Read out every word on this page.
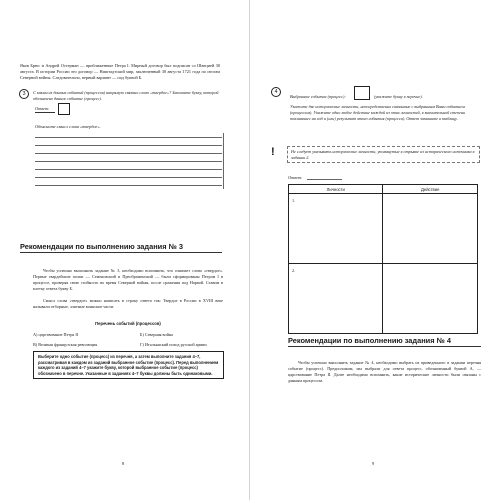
Яков Брюс и Андрей Остерман — приближенные Петра I. Мирный договор был подписан со Швецией 30 августа. В истории России это договор — Ништадтский мир, заключенный 30 августа 1721 года по итогам Северной войны. Следовательно, верный вариант — под буквой Б.

3	С каким из данных событий (процессов) напрямую связано слово «твердое»? Запишите букву, которой обозначено данное событие (процесс).

Ответ:
Объясните смысл слова «твердое».
Рекомендации по выполнению задания № 3

Чтобы успешно выполнить задание № 3, необходимо вспомнить, что означает слово «твердое». Первые гвардейские полки — Семеновский и Преображенский — были сформированы Петром I в процессе, проверяя свою стойкость во время Северной войны, после сражения под Нарвой. Ставим в клетку ответа букву Б.

Смысл слова «твердое» можно написать в строку ответа так: Твердое в России в XVIII веке называли отборные, элитные воинские части.

Перечень событий (процессов)
А) царствование Петра II	Б) Северная война
В) Великая французская революция	Г) Итальянский поход русской армии
Выберите одно событие (процесс) из перечня, а затем выполните задания 4–7, рассматривая в каждом из заданий выбранное событие (процесс). Перед выполнением каждого из заданий 4–7 укажите букву, которой выбранное событие (процесс) обозначено в перечне. Указанные в заданиях 4–7 буквы должны быть одинаковыми.
8
4
Выбранное событие (процесс):	(укажите букву в перечне).

Укажите две исторические личности, непосредственно связанные с выбранным Вами событием (процессом). Укажите одно любое действие каждой из этих личностей, в значительной степени повлиявшее на ход и (или) результат этого события (процесса). Ответ запишите в таблицу.

!	Не следует указывать исторические личности, упомянутые в отрывке из исторического источника в задании 2.
Ответ:
Личности	Действие
1.	
2.	
Рекомендации по выполнению задания № 4

Чтобы успешно выполнить задание № 4, необходимо выбрать из приведенного в задании перечня событие (процесс). Предположим, мы выбрали для ответа процесс, обозначенный буквой А, — царствование Петра II. Далее необходимо вспомнить, какие исторические личности были связаны с данным процессом.

9
